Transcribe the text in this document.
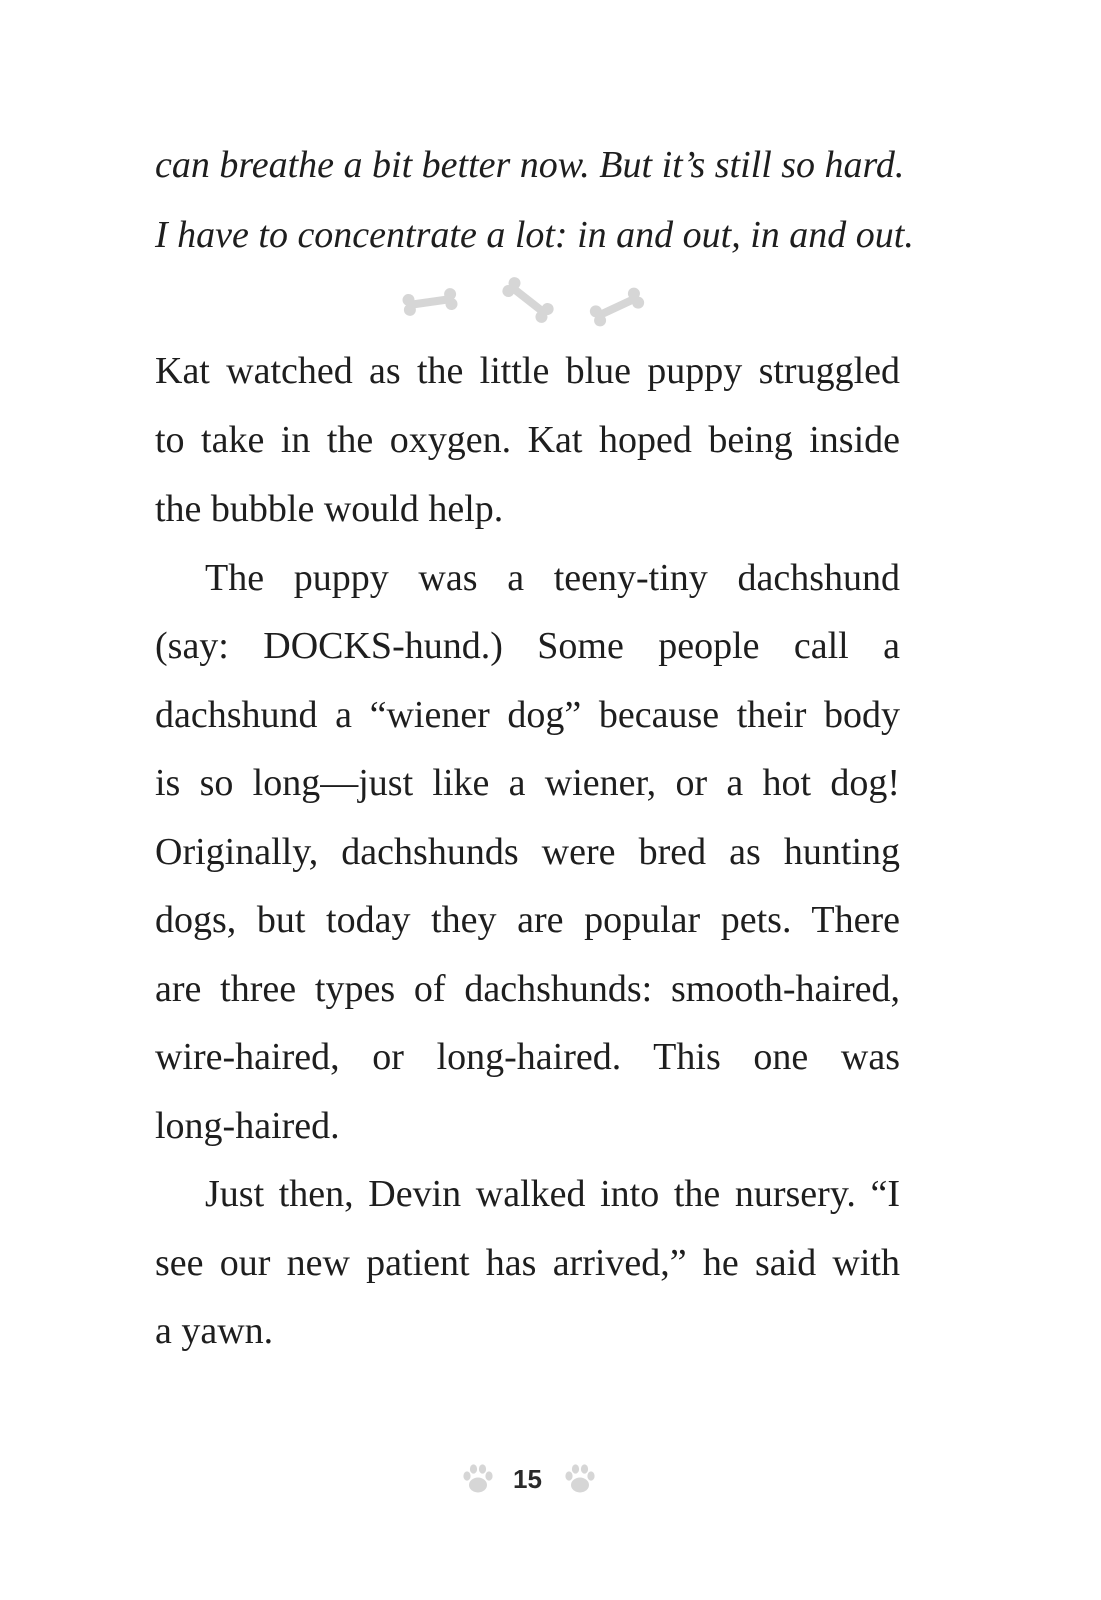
can breathe a bit better now. But it’s still so hard.
I have to concentrate a lot: in and out, in and out.
Kat watched as the little blue puppy struggled
to take in the oxygen. Kat hoped being inside
the bubble would help.
The puppy was a teeny-tiny dachshund
(say: DOCKS-hund.) Some people call a
dachshund a “wiener dog” because their body
is so long—just like a wiener, or a hot dog!
Originally, dachshunds were bred as hunting
dogs, but today they are popular pets. There
are three types of dachshunds: smooth-haired,
wire-haired, or long-haired. This one was
long-haired.
Just then, Devin walked into the nursery. “I
see our new patient has arrived,” he said with
a yawn.
15
